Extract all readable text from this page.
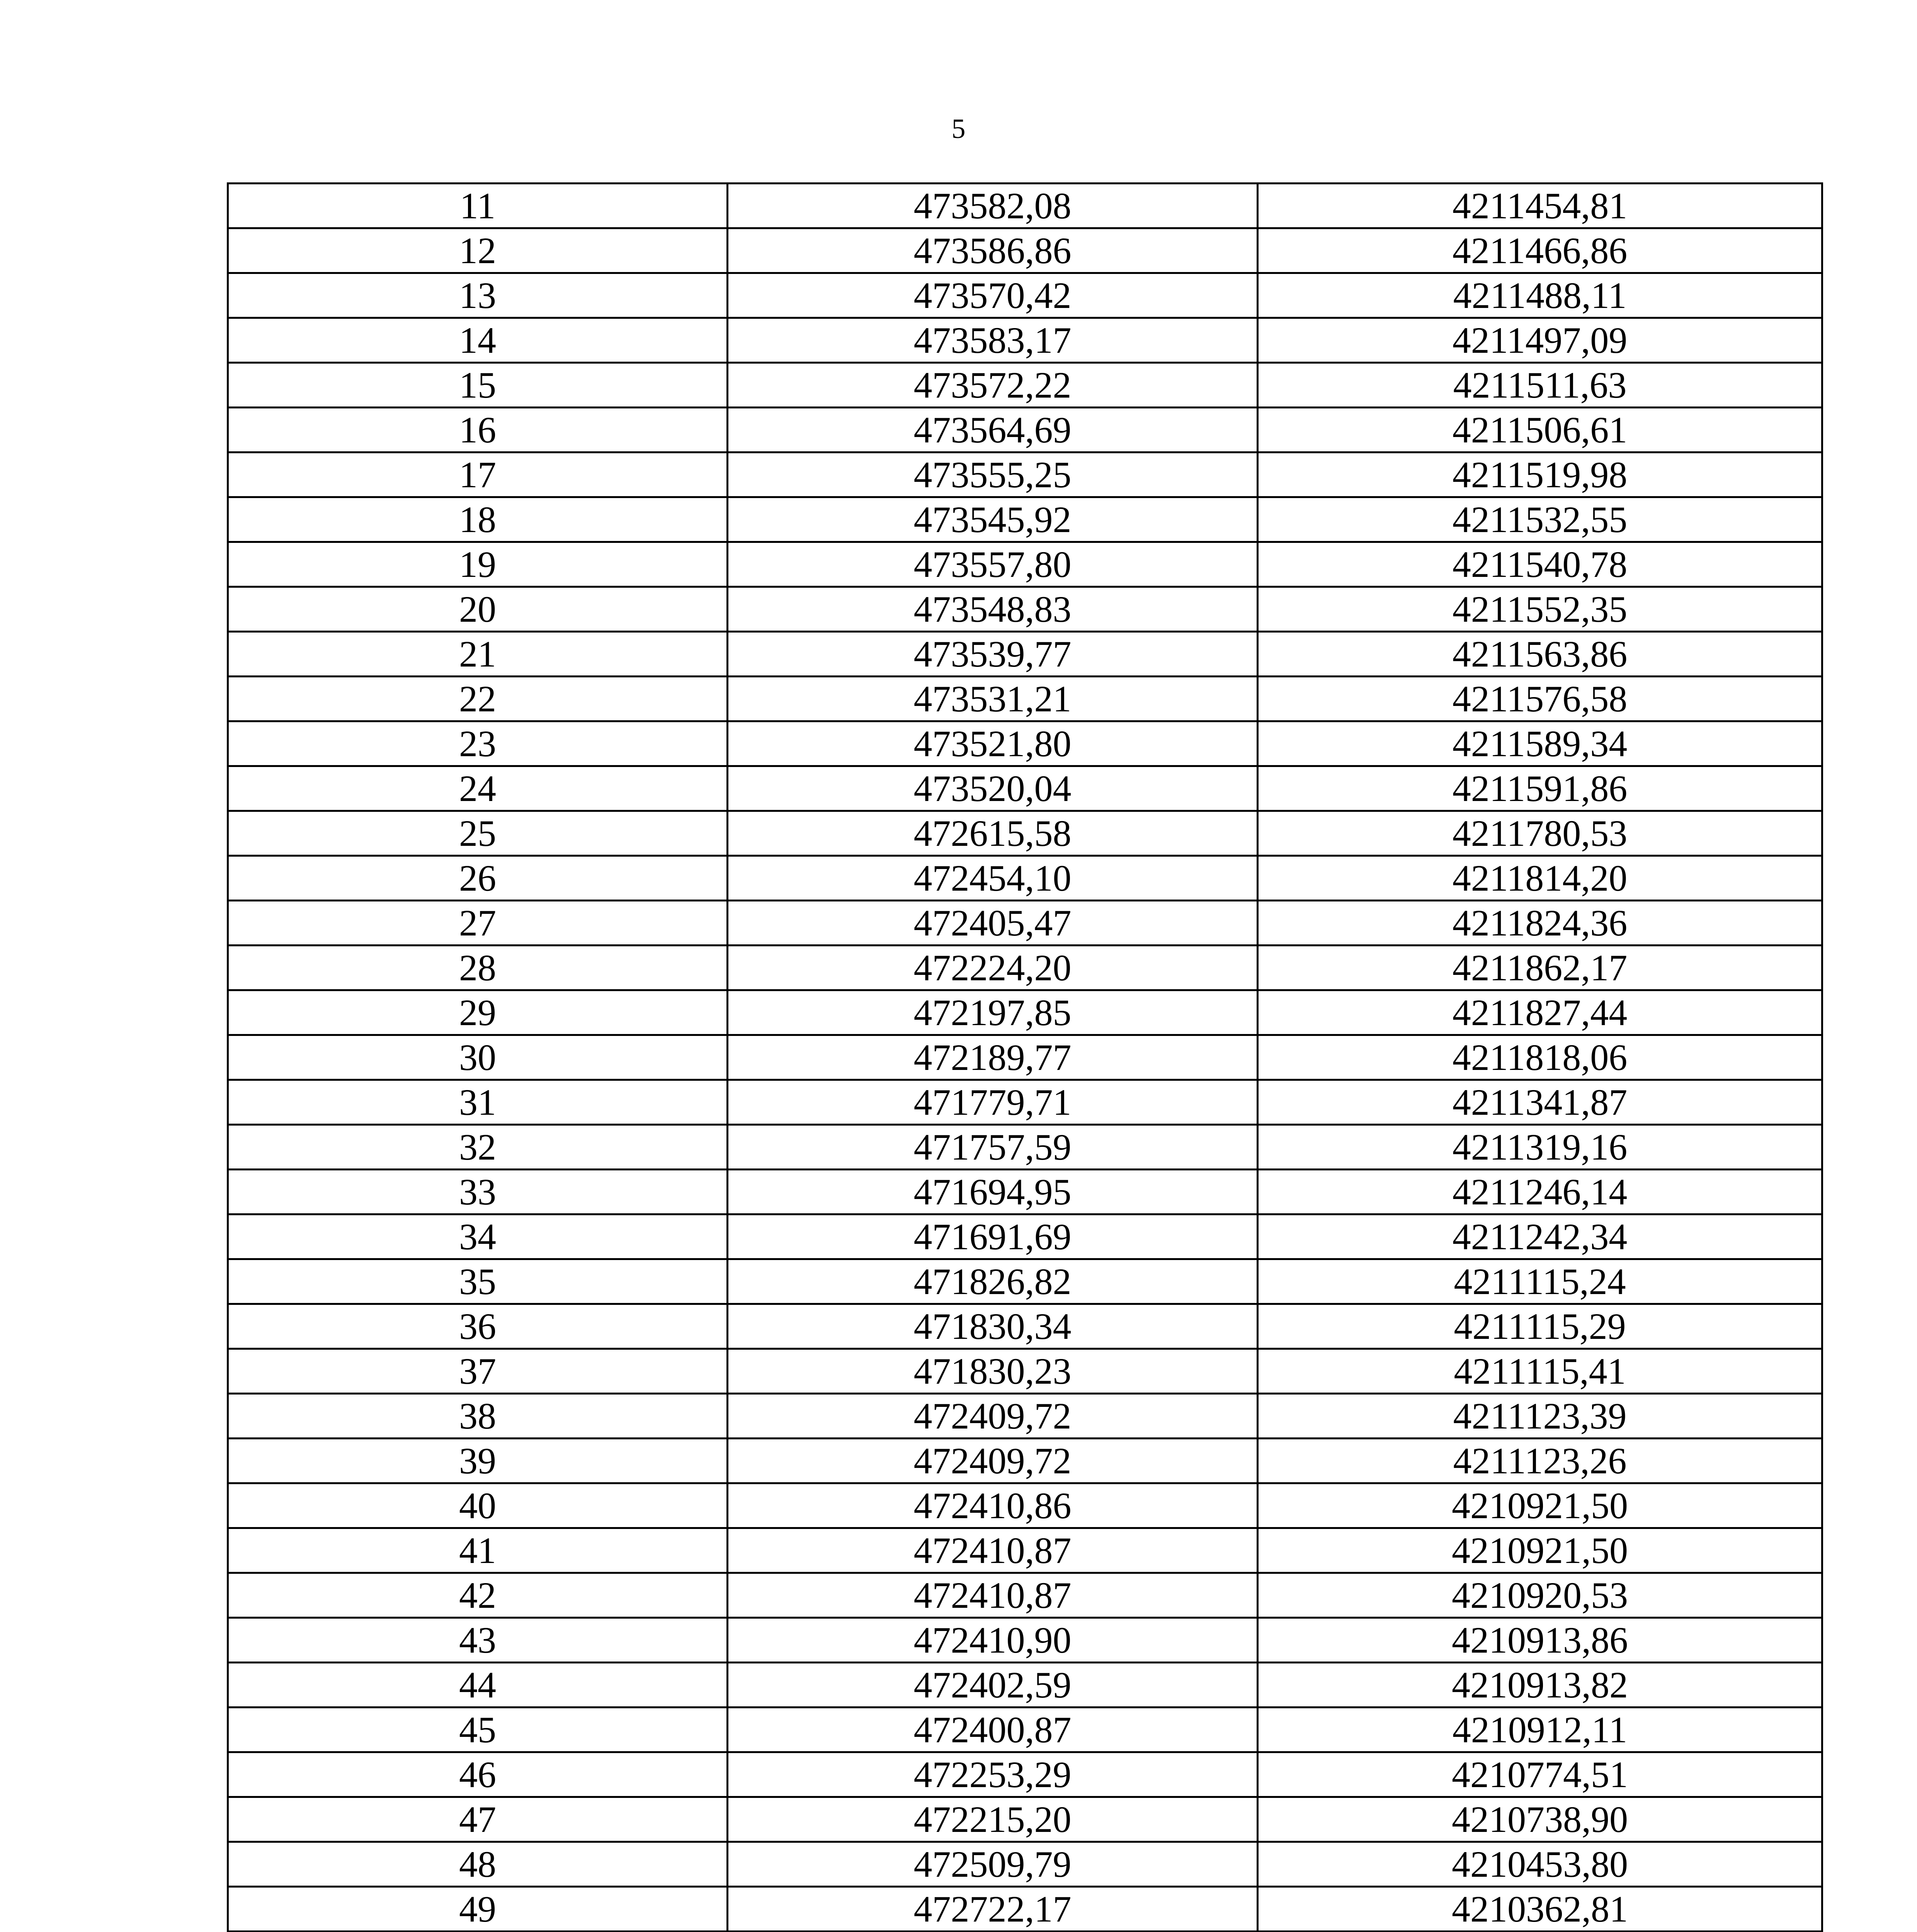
5
11	473582,08	4211454,81
12	473586,86	4211466,86
13	473570,42	4211488,11
14	473583,17	4211497,09
15	473572,22	4211511,63
16	473564,69	4211506,61
17	473555,25	4211519,98
18	473545,92	4211532,55
19	473557,80	4211540,78
20	473548,83	4211552,35
21	473539,77	4211563,86
22	473531,21	4211576,58
23	473521,80	4211589,34
24	473520,04	4211591,86
25	472615,58	4211780,53
26	472454,10	4211814,20
27	472405,47	4211824,36
28	472224,20	4211862,17
29	472197,85	4211827,44
30	472189,77	4211818,06
31	471779,71	4211341,87
32	471757,59	4211319,16
33	471694,95	4211246,14
34	471691,69	4211242,34
35	471826,82	4211115,24
36	471830,34	4211115,29
37	471830,23	4211115,41
38	472409,72	4211123,39
39	472409,72	4211123,26
40	472410,86	4210921,50
41	472410,87	4210921,50
42	472410,87	4210920,53
43	472410,90	4210913,86
44	472402,59	4210913,82
45	472400,87	4210912,11
46	472253,29	4210774,51
47	472215,20	4210738,90
48	472509,79	4210453,80
49	472722,17	4210362,81
